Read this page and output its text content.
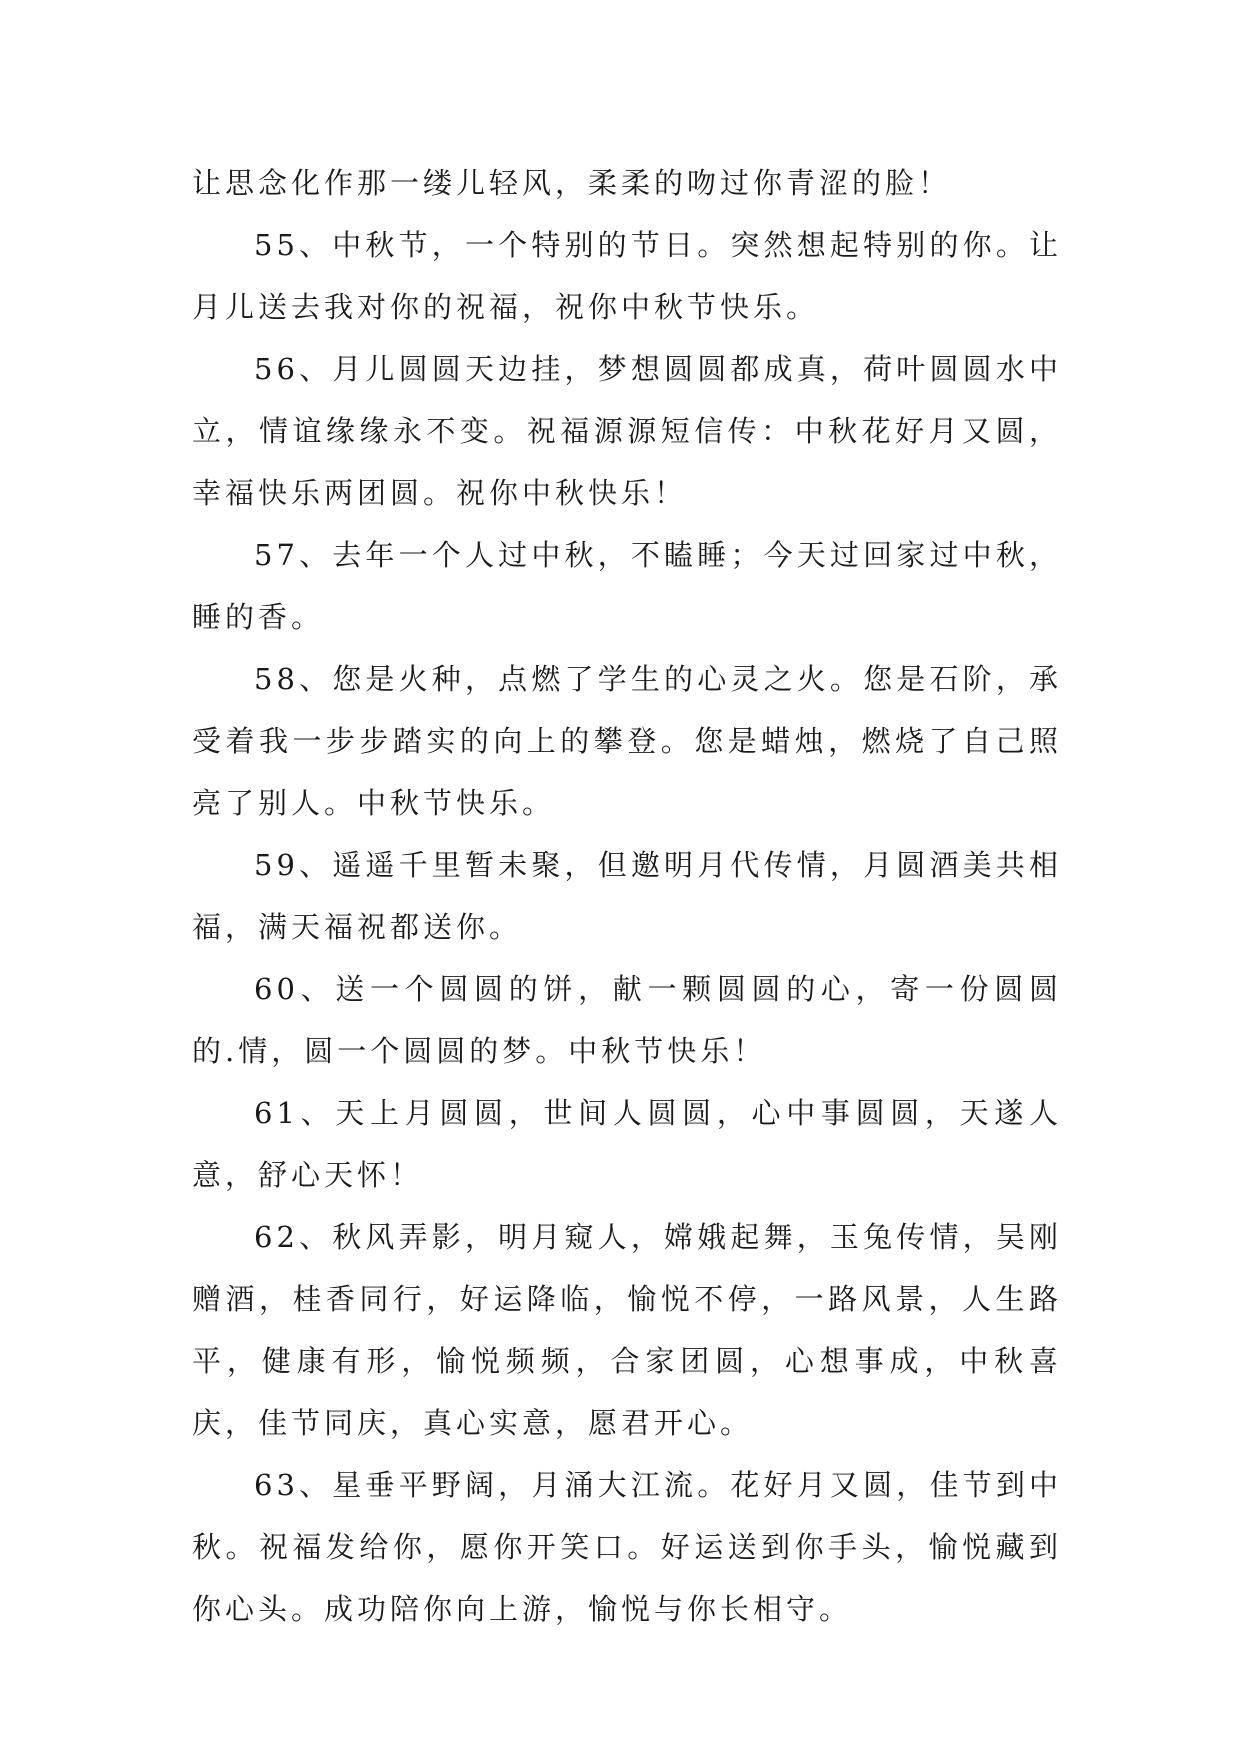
让思念化作那一缕儿轻风，柔柔的吻过你青涩的脸！

55、中秋节，一个特别的节日。突然想起特别的你。让月儿送去我对你的祝福，祝你中秋节快乐。

56、月儿圆圆天边挂，梦想圆圆都成真，荷叶圆圆水中立，情谊缘缘永不变。祝福源源短信传：中秋花好月又圆，幸福快乐两团圆。祝你中秋快乐！

57、去年一个人过中秋，不瞌睡；今天过回家过中秋，睡的香。

58、您是火种，点燃了学生的心灵之火。您是石阶，承受着我一步步踏实的向上的攀登。您是蜡烛，燃烧了自己照亮了别人。中秋节快乐。

59、遥遥千里暂未聚，但邀明月代传情，月圆酒美共相福，满天福祝都送你。

60、送一个圆圆的饼，献一颗圆圆的心，寄一份圆圆的.情，圆一个圆圆的梦。中秋节快乐！

61、天上月圆圆，世间人圆圆，心中事圆圆，天遂人意，舒心天怀！

62、秋风弄影，明月窥人，嫦娥起舞，玉兔传情，吴刚赠酒，桂香同行，好运降临，愉悦不停，一路风景，人生路平，健康有形，愉悦频频，合家团圆，心想事成，中秋喜庆，佳节同庆，真心实意，愿君开心。

63、星垂平野阔，月涌大江流。花好月又圆，佳节到中秋。祝福发给你，愿你开笑口。好运送到你手头，愉悦藏到你心头。成功陪你向上游，愉悦与你长相守。
